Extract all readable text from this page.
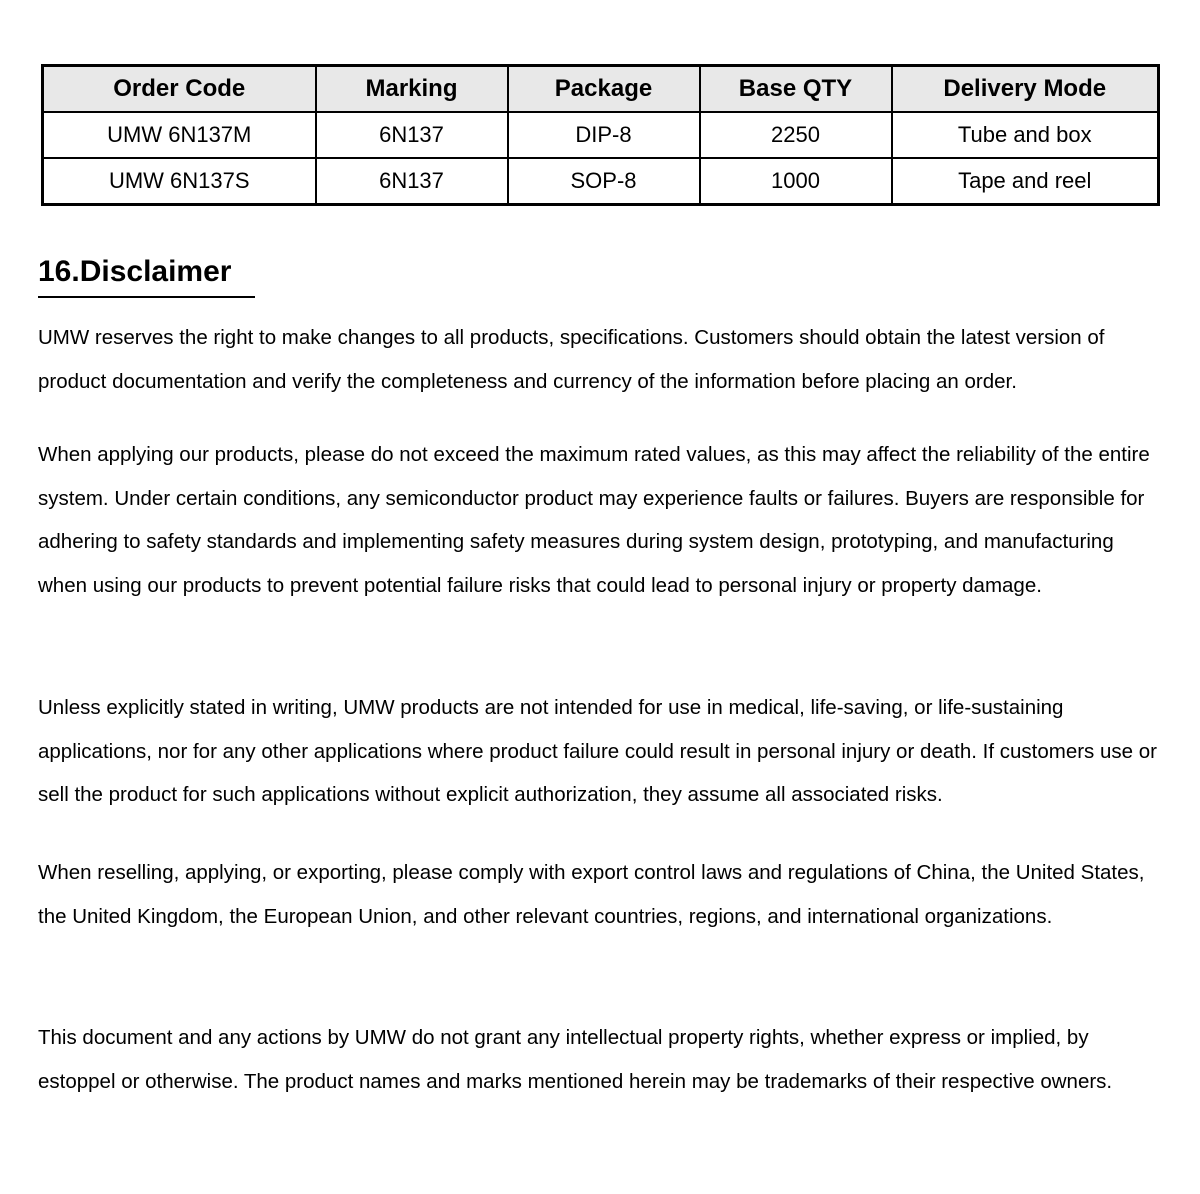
Order Code	Marking	Package	Base QTY	Delivery Mode
UMW 6N137M	6N137	DIP-8	2250	Tube and box
UMW 6N137S	6N137	SOP-8	1000	Tape and reel
16.Disclaimer

UMW reserves the right to make changes to all products, specifications. Customers should obtain the latest version of product documentation and verify the completeness and currency of the information before placing an order.

When applying our products, please do not exceed the maximum rated values, as this may affect the reliability of the entire system. Under certain conditions, any semiconductor product may experience faults or failures. Buyers are responsible for adhering to safety standards and implementing safety measures during system design, prototyping, and manufacturing when using our products to prevent potential failure risks that could lead to personal injury or property damage.

Unless explicitly stated in writing, UMW products are not intended for use in medical, life-saving, or life-sustaining applications, nor for any other applications where product failure could result in personal injury or death. If customers use or sell the product for such applications without explicit authorization, they assume all associated risks.

When reselling, applying, or exporting, please comply with export control laws and regulations of China, the United States, the United Kingdom, the European Union, and other relevant countries, regions, and international organizations.

This document and any actions by UMW do not grant any intellectual property rights, whether express or implied, by estoppel or otherwise. The product names and marks mentioned herein may be trademarks of their respective owners.
